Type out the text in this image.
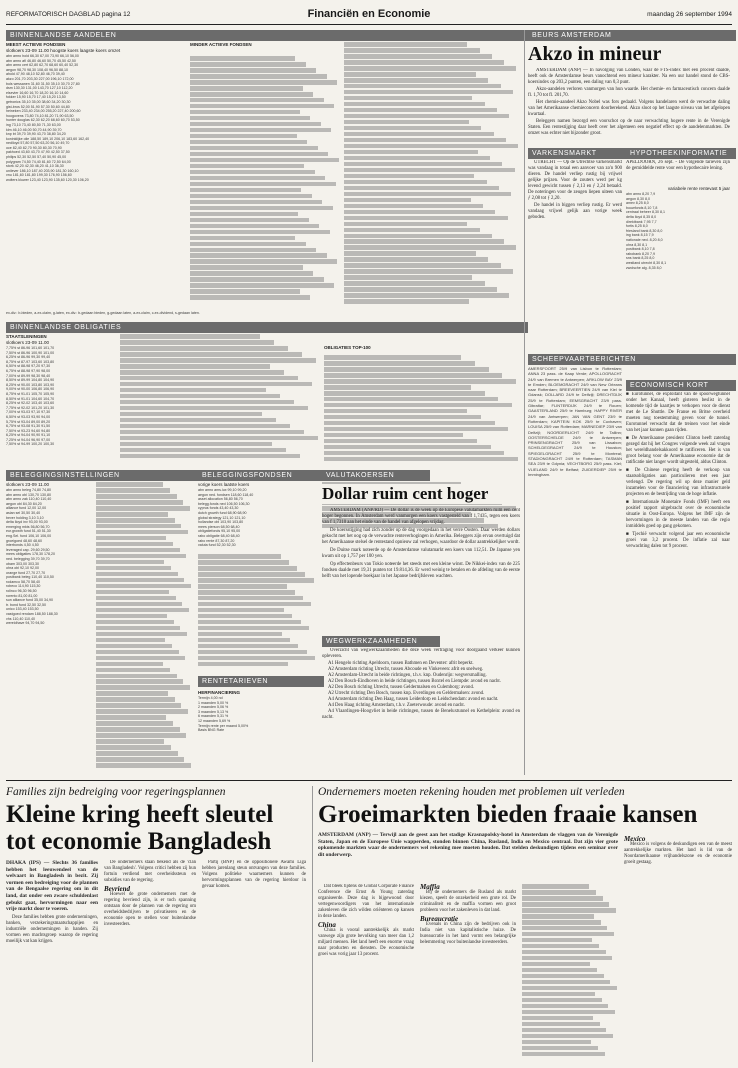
REFORMATORISCH DAGBLAD pagina 12	Financiën en Economie	maandag 26 september 1994
BINNENLANDSE AANDELEN
MEEST ACTIEVE FONDSEN
slotkoers 23-09 11.00 hoogste koers laagste koers omzet
abn amro hold 66,30 67,00 73,90 66,10 56,00
abn amro afl 46,80 46,60 50,70 45,50 42,50
abn amro cert 62,80 62,70 68,60 60,40 52,30
aegon 98,70 98,30 108,40 96,50 88,10
ahold 47,90 48,10 52,80 46,70 39,40
akzo 201,70 203,30 227,00 196,10 172,00
bols wessanen 31,60 31,50 35,10 30,70 27,80
dsm 130,30 131,00 143,70 127,10 112,20
elsevier 16,60 16,70 18,20 16,10 14,60
fokker 15,90 15,70 17,40 15,20 13,50
getronics 35,10 35,00 38,60 34,20 30,30
gist-bros 52,00 51,90 57,30 50,60 44,80
heineken 233,40 234,00 255,20 227,40 200,60
hoogovens 73,80 74,10 81,20 71,90 63,50
hunter douglas 62,30 62,20 68,60 60,70 53,50
ing 73,10 73,40 80,50 71,30 63,00
klm 46,10 46,00 50,70 44,90 39,70
knp bt 39,70 39,90 43,70 38,80 34,20
koninklijke olie 188,50 189,10 206,10 183,60 162,40
nedlloyd 57,80 57,50 63,20 56,10 49,70
oce 82,40 82,70 90,30 80,30 70,90
pakhoed 43,60 43,70 47,90 42,50 37,50
philips 52,30 52,50 57,40 50,90 45,00
polygram 74,50 74,40 81,60 72,50 64,00
stork 42,20 42,30 46,20 41,10 36,30
unilever 186,10 187,40 203,90 181,30 160,10
vnu 181,60 181,80 199,30 176,90 156,60
wolters kluwer 123,40 123,90 135,60 120,30 106,20
MINDER ACTIEVE FONDSEN
ex-div.: b-bieden, a-ex-claim, g-laten, ex-div.: b-gedaan bieden, g-gedaan laten, a-ex-claim, c-ex-dividend, s-gedaan laten.
BINNENLANDSE OBLIGATIES
STAATSLENINGEN
slotkoers 23-09 11.00
7,75% st 86-96 101,60 101,70
7,50% st 86-96 100,90 101,00
6,25% st 86-96 99,30 99,40
8,75% st 87-97 103,60 103,80
6,50% st 88-98 97,20 97,30
6,75% st 88-98 97,90 98,00
7,00% st 89-99 98,30 98,40
8,50% st 89-99 104,80 104,90
8,25% st 90-00 103,80 103,90
9,00% st 90-00 106,80 106,90
8,75% st 91-01 105,70 105,90
8,50% st 91-01 104,60 104,70
8,25% st 92-02 103,40 103,60
7,75% st 92-02 101,20 101,30
7,00% st 93-03 97,10 97,30
6,50% st 93-03 93,90 94,00
5,75% st 93-04 89,00 89,20
6,75% st 93-08 91,30 91,50
7,50% st 93-23 94,60 94,80
6,25% st 94-04 90,90 91,10
7,25% st 94-04 96,90 97,00
7,50% st 94-99 100,20 100,30
OBLIGATIES TOP-100
BELEGGINGSINSTELLINGEN
slotkoers 23-09 11.00
abn amro beleg 74,80 74,80
abn amro obl 130,70 130,80
abn amro zak 110,40 110,40
aegon obl 84,30 84,20
alliance fund 12,00 12,00
asian sel 30,50 30,40
bever holding 3,10 3,10
delta lloyd inv 93,00 93,00
emerging mkts 56,80 56,70
eur.growth fund 51,40 51,30
eng.Sel. fund 106,10 106,00
groeigoed 48,60 48,60
interbonds 4,50 4,50
leveraged cap. 29,60 29,50
mees obligaties 178,30 178,20
ned. belegging 39,70 39,70
obam 303,00 303,30
ohra obl 92,10 92,00
orange fund 27,70 27,70
postbank beleg 110,40 110,50
rodamco 58,70 58,40
robeco 114,90 115,30
rolinco 96,30 96,50
rorento 81,00 81,00
sun alliance fund 35,00 34,90
tr. bond fund 32,50 32,50
unico 153,40 153,50
vastgoed rendam 188,50 188,30
vhs 110,40 110,40
wereldhave 94,70 94,50
BELEGGINGSFONDSEN
vorige koers laatste koers
abn amro ams.lux 99,10 99,20
aegon ned. fondsen 118,60 118,40
asset allocation 56,80 56,70
belegg.fonds ned 106,50 106,30
cyprus fonds 43,40 43,30
dutch growth fund 68,90 68,90
global strategy 121,10 121,10
hollandse obl 103,90 103,80
mees pierson 68,50 68,40
obligatiefonds 95,10 95,00
rabo obligatie 68,40 68,40
rabo rente 87,30 87,20
valuta fund 52,30 52,30
RENTETARIEVEN
HERFINANCIERING
Termijn 4,00 nd
1 maanden 5,00 %
2 maanden 5,06 %
3 maanden 5,13 %
6 maanden 5,31 %
12 maanden 5,69 %
Termijn rente per maand 5,00%
Basis BNG Rate
VALUTAKOERSEN
Dollar ruim cent hoger

AMSTERDAM (ANP/RD) — De dollar is de week op de Europese valutamarkten ruim een cent hoger begonnen. In Amsterdam werd vanmorgen een koers vastgesteld van f 1,7435, tegen een koers van f 1,7310 aan het einde van de handel van afgelopen vrijdag.

De koersstijging had zich zonder op de dag voorgedaan in het verre Oosten. Daar werden dollars gekocht met het oog op de verwachte renteverhogingen in Amerika. Beleggers zijn ervan overtuigd dat het Amerikaanse stelsel de rentestand opnieuw zal verhogen, waardoor de dollar aantrekkelijker wordt.

De Duitse mark noteerde op de Amsterdamse valutamarkt een koers van 112,51. De Japanse yen kwam uit op 1,757 per 100 yen.

Op effectenbeurs van Tokio noteerde het steeds met een kleine winst. De Nikkei-index van de 225 fondsen daalde met 19,31 punten tot 19.814,36. Er werd weinig te betalen en de afdeling van de eerste helft van het lopende boekjaar in het Japanse bedrijfsleven wachten.

WEGWERKZAAMHEDEN

Overzicht van wegwerkzaamheden die deze week vertraging voor doorgaand verkeer kunnen opleveren.

A1 Hengelo richting Apeldoorn, tussen Bathmen en Deventer: afrit beperkt.

A2 Amsterdam richting Utrecht, tussen Abcoude en Vinkeveen: afrit en snelweg.

A2 Amsterdam-Utrecht in beide richtingen, t.h.v. knp. Oudenrijn: wegversmalling.

A2 Den Bosch-Eindhoven in beide richtingen, tussen Boxtel en Liempde: avond en nacht.

A2 Den Bosch richting Utrecht, tussen Geldermalsen en Culemborg: avond.

A2 Utrecht richting Den Bosch, tussen knp. Everdingen en Geldermalsen: avond.

A4 Amsterdam richting Den Haag, tussen Leiderdorp en Leidschendam: avond en nacht.

A4 Den Haag richting Amsterdam, t.h.v. Zoeterwoude: avond en nacht.

A4 Vlaardingen-Hoogvliet in beide richtingen, tussen de Beneluxtunnel en Kethelplein: avond en nacht.

BEURS AMSTERDAM
Akzo in mineur

AMSTERDAM (ANP) — In navolging van Londen, waar de FTS-index met een procent daalde, heeft ook de Amsterdamse beurs vanochtend een mineur karakter. Na een uur handel stond de CBS-koersindex op 203,2 punten, een daling van 0,3 punt.

Akzo-aandelen verloren vanmorgen van hun waarde. Het chemie- en farmaceutisch concern daalde fl. 1,70 tot fl. 201,70.

Het chemie-aandeel Akzo Nobel was fors gedaald. Volgens handelaren werd de verwachte daling van het Amerikaanse chemieconcern doorberekend. Akzo sloot op het laagste niveau van het afgelopen kwartaal.

Beleggers namen bezorgd een voorschot op de naar verwachting hogere rente in de Verenigde Staten. Een rentestijging daar heeft over het algemeen een negatief effect op de aandelenmarkten. De omzet was echter niet bijzonder groot.

VARKENSMARKT

UTRECHT — Op de Utrechtse varkensmarkt was vandaag in totaal een aanvoer van zo'n 900 dieren. De handel verliep rustig bij vrijwel gelijke prijzen. Voor de zouters werd per kg levend gewicht tussen ƒ 2,13 en ƒ 2,24 betaald. De noteringen voor de zeugen liepen uiteen van ƒ 2,08 tot ƒ 2,20.

De handel in biggen verliep rustig. Er werd vandaag vrijwel gelijk aan vorige week geboden.

HYPOTHEEKINFORMATIE
APELDOORN, 26 sept. - De volgende tarieven zijn de gemiddelde rente voor een hypothecaire lening.
variabele rente rentevast 5 jaar
abn amro 8,20 7,9
aegon 8,30 8,0
amev 8,25 8,0
bouwfonds 8,10 7,8
centraal beheer 8,30 8,1
delta lloyd 8,35 8,0
direktbank 7,95 7,7
fortis 8,25 8,0
friesland bank 8,30 8,0
ing bank 8,15 7,9
nationale ned. 8,20 8,0
ohra 8,30 8,1
postbank 8,10 7,8
rabobank 8,20 7,9
sns bank 8,25 8,0
westland utrecht 8,30 8,1
zwolsche alg. 8,35 8,0
SCHEEPVAARTBERICHTEN
AMERSFOORT 25/9 van Lisbon te Rotterdam; ANNA 23 pass. de Kaap Verde; APOLLOGRACHT 24/9 van Bremen te Antwerpen; ARKLOW BAY 23/9 te Emden; BLOEMGRACHT 24/9 van New Orleans naar Rotterdam; BREEVEERTIEN 24/9 van Kiel te Gdansk; DOLLARD 24/9 te Delfzijl; DRECHTDIJK 25/9 te Rotterdam; EEMSGRACHT 23/9 pass. Gibraltar; FLINTERDIJK 24/9 te Rouen; GAASTERLAND 25/9 te Hamburg; HAPPY RIVER 24/9 van Antwerpen; JAN VAN GENT 23/9 te Rotterdam; KAPITEIN KOK 25/9 te Cuxhaven; LOUISA 25/9 van Rotterdam; MARNEDIEP 23/9 van Delfzijl; NOORDERLICHT 24/9 te Tallinn; OOSTERSCHELDE 24/9 te Antwerpen; PRINSENGRACHT 25/9 van Lissabon; SCHELDEGRACHT 24/9 te Houston; SPIEGELGRACHT 25/9 te Montreal; STADIONGRACHT 24/9 te Rotterdam; TASMAN SEA 23/9 te Gdynia; VECHTBORG 25/9 pass. Kiel; VLIELAND 24/9 te Belfast; ZUIDERDIEP 25/9 te Immingham.
ECONOMISCH KORT

■ Eurotunnel, de exploitant van de spoorwegtunnel onder het Kanaal, heeft gisteren beslist in de komende tijd de kaartjes te verkopen voor de dienst met de Le Shuttle. De Franse en Britse overheid moeten nog toestemming geven voor de tunnel. Eurotunnel verwacht dat de treinen voor het einde van het jaar kunnen gaan rijden.

■ De Amerikaanse president Clinton heeft zaterdag gezegd dat hij het Congres volgende week zal vragen het wereldhandelsakkoord te ratificeren. Het is van groot belang voor de Amerikaanse economie dat de ratificatie niet langer wordt uitgesteld, aldus Clinton.

■ De Chinese regering heeft de verkoop van staatsobligaties aan particulieren met een jaar verlengd. De regering wil op deze manier geld inzamelen voor de financiering van infrastructurele projecten en de bestrijding van de hoge inflatie.

■ Internationale Monetaire Fonds (IMF) heeft een positief rapport uitgebracht over de economische situatie in Oost-Europa. Volgens het IMF zijn de hervormingen in de meeste landen van die regio inmiddels goed op gang gekomen.

■ Tjechië verwacht volgend jaar een economische groei van 3,2 procent. De inflatie zal naar verwachting dalen tot 9 procent.

Families zijn bedreiging voor regeringsplannen
Kleine kring heeft sleutel tot economie Bangladesh

DHAKA (IPS) — Slechts 36 families hebben het leeuwendeel van de welvaart in Bangladesh in bezit. Zij vormen een bedreiging voor de plannen van de Bengaalse regering om in dit land, dat onder een zware schuldenlast gebukt gaat, hervormingen naar een vrije markt door te voeren.

Deze families hebben grote ondernemingen, banken, verzekeringsmaatschappijen en industriële ondernemingen in handen. Zij vormen een machtsgroep waarop de regering moeilijk vat kan krijgen.

De ondernemers staan bekend als de 'clan van Bangladesh'. Volgens critici hebben zij hun fortuin verdiend met overheidssteun en subsidies van de regering.

Bevriend

Hoewel de grote ondernemers met de regering bevriend zijn, is er toch spanning ontstaan door de plannen van de regering om overheidsbedrijven te privatiseren en de economie open te stellen voor buitenlandse investeerders.

Partij (BNP) en de oppositionele Awami Liga hebben jarenlang steun ontvangen van deze families. Volgens politieke waarnemers kunnen de hervormingsplannen van de regering hierdoor in gevaar komen.

Ondernemers moeten rekening houden met problemen uit verleden
Groeimarkten bieden fraaie kansen
AMSTERDAM (ANP) — Terwijl aan de geest aan het stadige Krasnapolsky-hotel in Amsterdam de vlaggen van de Verenigde Staten, Japan en de Europese Unie wapperden, stonden binnen China, Rusland, India en Mexico centraal. Dat zijn vier grote opkomende markten waar de ondernemers wel rekening mee moeten houden. Dat stelden deskundigen tijdens een seminar over dit onderwerp.

Dat bleek tijdens de Global Corporate Finance Conference die Ernst & Young zaterdag organiseerde. Deze dag is bijgewoond door vertegenwoordigers van het internationale zakenleven die zich wilden oriënteren op kansen in deze landen.

China

China is vooral aantrekkelijk als markt vanwege zijn grote bevolking van meer dan 1,2 miljard mensen. Het land heeft een enorme vraag naar producten en diensten. De economische groei was vorig jaar 13 procent.

Maffia

Bij de ondernemers die Rusland als markt kiezen, speelt de onzekerheid een grote rol. De criminaliteit en de maffia vormen een groot probleem voor het zakenleven in dat land.

Bureaucratie

Evenals in China zijn de bedrijven ook in India niet van kapitalistische huize. De bureaucratie in het land vormt een belangrijke belemmering voor buitenlandse investeerders.

Mexico

Mexico is volgens de deskundigen een van de meest aantrekkelijke markten. Het land is lid van de Noordamerikaanse vrijhandelszone en de economie groeit gestaag.
